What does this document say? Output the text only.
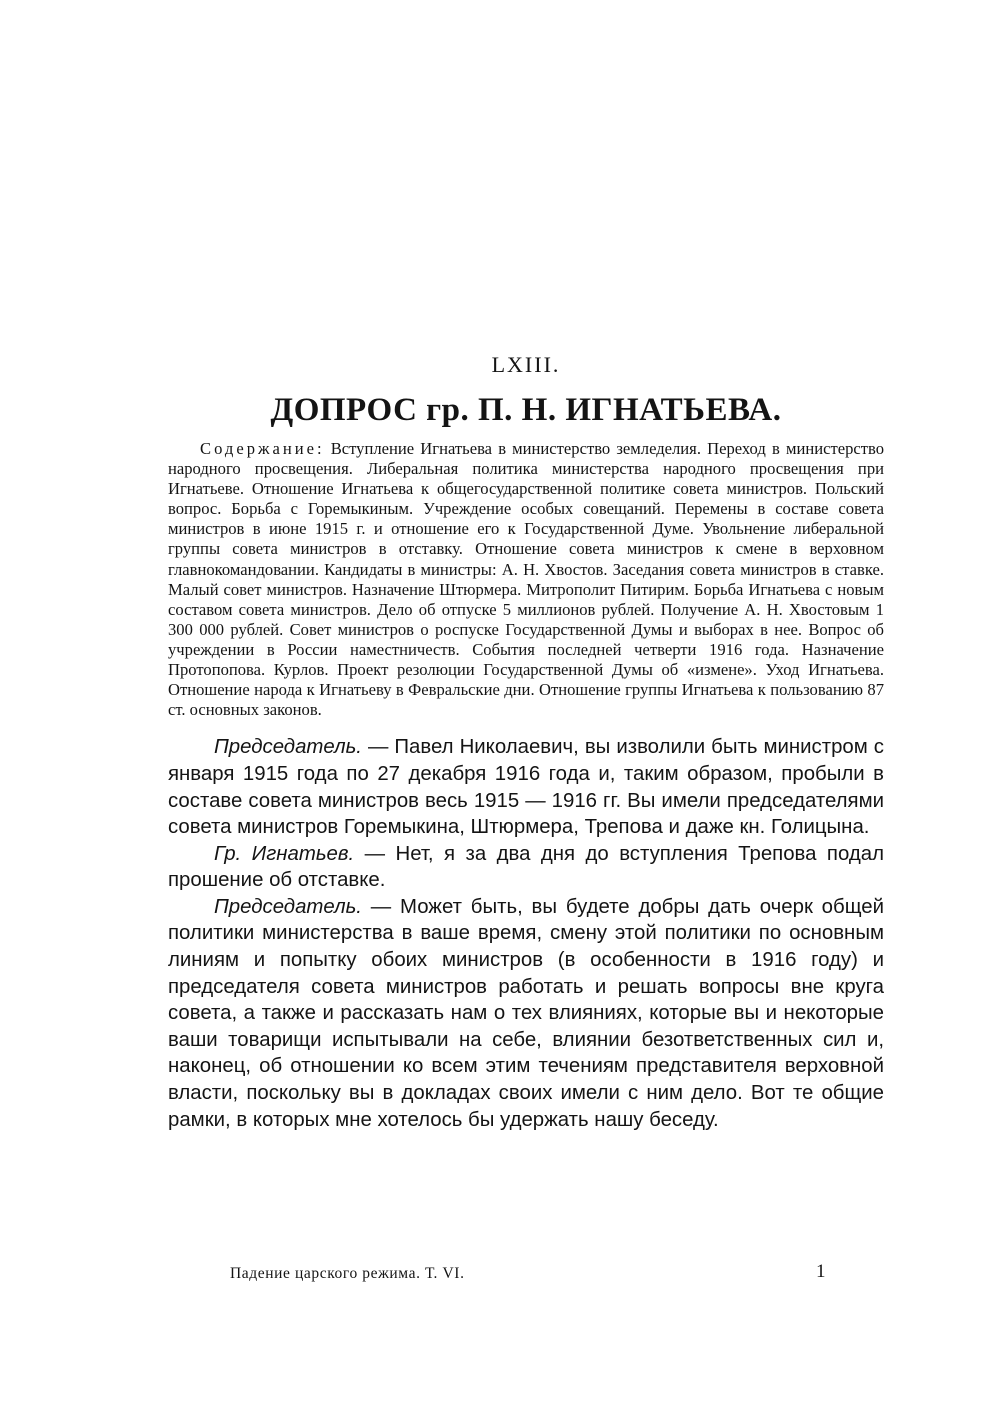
LXIII.
ДОПРОС гр. П. Н. ИГНАТЬЕВА.

Содержание: Вступление Игнатьева в министерство земледелия. Переход в министерство народного просвещения. Либеральная политика министерства народного просвещения при Игнатьеве. Отношение Игнатьева к общегосударственной политике совета министров. Польский вопрос. Борьба с Горемыкиным. Учреждение особых совещаний. Перемены в составе совета министров в июне 1915 г. и отношение его к Государственной Думе. Увольнение либеральной группы совета министров в отставку. Отношение совета министров к смене в верховном главнокомандовании. Кандидаты в министры: А. Н. Хвостов. Заседания совета министров в ставке. Малый совет министров. Назначение Штюрмера. Митрополит Питирим. Борьба Игнатьева с новым составом совета министров. Дело об отпуске 5 миллионов рублей. Получение А. Н. Хвостовым 1 300 000 рублей. Совет министров о роспуске Государственной Думы и выборах в нее. Вопрос об учреждении в России наместничеств. События последней четверти 1916 года. Назначение Протопопова. Курлов. Проект резолюции Государственной Думы об «измене». Уход Игнатьева. Отношение народа к Игнатьеву в Февральские дни. Отношение группы Игнатьева к пользованию 87 ст. основных законов.

Председатель. — Павел Николаевич, вы изволили быть министром с января 1915 года по 27 декабря 1916 года и, таким образом, пробыли в составе совета министров весь 1915 — 1916 гг. Вы имели председателями совета министров Горемыкина, Штюрмера, Трепова и даже кн. Голицына.

Гр. Игнатьев. — Нет, я за два дня до вступления Трепова подал прошение об отставке.

Председатель. — Может быть, вы будете добры дать очерк общей политики министерства в ваше время, смену этой политики по основным линиям и попытку обоих министров (в особенности в 1916 году) и председателя совета министров работать и решать вопросы вне круга совета, а также и рассказать нам о тех влияниях, которые вы и некоторые ваши товарищи испытывали на себе, влиянии безответственных сил и, наконец, об отношении ко всем этим течениям представителя верховной власти, поскольку вы в докладах своих имели с ним дело. Вот те общие рамки, в которых мне хотелось бы удержать нашу беседу.

Падение царского режима. Т. VI.	1
